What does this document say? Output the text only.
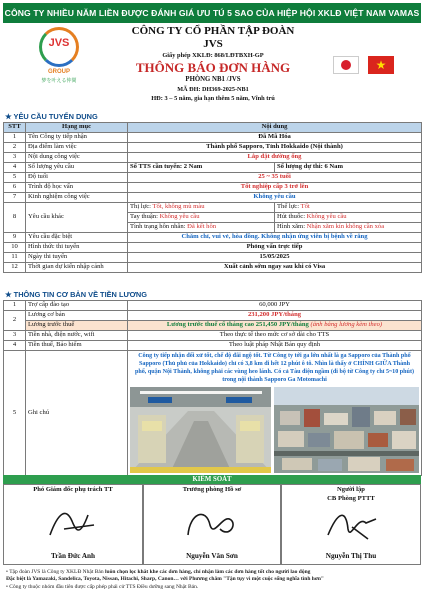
CÔNG TY NHIỀU NĂM LIỀN ĐƯỢC ĐÁNH GIÁ ƯU TÚ 5 SAO CỦA HIỆP HỘI XKLĐ VIỆT NAM VAMAS
JVS
GROUP
梦を叶える仲間
CÔNG TY CỔ PHẦN TẬP ĐOÀN JVS
Giấy phép XKLĐ: 868/LĐTBXH-GP
THÔNG BÁO ĐƠN HÀNG
PHÒNG NB1 /JVS
MÃ ĐH: DH369-2025-NB1
HĐ: 3 – 5 năm, gia hạn thêm 5 năm, Vĩnh trú
★
★ YÊU CẦU TUYỂN DỤNG
STT	Hạng mục	Nội dung	
1	Tên Công ty tiếp nhận	Đã Mã Hóa	
2	Địa điểm làm việc	Thành phố Sapporo, Tỉnh Hokkaido (Nội thành)	
3	Nội dung công việc	Lắp đặt đường ống	
4	Số lượng yêu cầu	Số TTS cần tuyển: 2 Nam	Số lượng dự thi: 6 Nam
5	Độ tuổi	25 ~ 35 tuổi	
6	Trình độ học vấn	Tốt nghiệp cấp 3 trở lên	
7	Kinh nghiệm công việc	Không yêu cầu	
8	Yêu cầu khác	Thị lực: Tốt, không mù màu	Thể lực: Tốt
		Tay thuận: Không yêu cầu	Hút thuốc: Không yêu cầu
		Tình trạng hôn nhân: Đã kết hôn	Hình xăm: Nhận xăm kín không cần xóa
9	Yêu cầu đặc biệt	Chăm chỉ, vui vẻ, hòa đồng. Không nhận ứng viên bị bệnh về răng	
10	Hình thức thi tuyển	Phỏng vấn trực tiếp	
11	Ngày thi tuyển	15/05/2025	
12	Thời gian dự kiến nhập cảnh	Xuất cảnh sớm ngay sau khi có Visa	
★ THÔNG TIN CƠ BẢN VỀ TIỀN LƯƠNG
1	Trợ cấp đào tạo	60,000 JPY
2	Lương cơ bản	231,200 JPY/tháng
	Lương trước thuế	Lương trước thuế cố tháng cao 251,450 JPY/tháng (ảnh bảng lương kèm theo)
3	Tiền nhà, điện nước, wifi	Theo thực tế theo mức cơ sở dài cho TTS
4	Tiền thuế, Bảo hiểm	Theo luật pháp Nhật Bản quy định
5	Ghi chú	Công ty tiếp nhận đối xử tốt, chế độ đãi ngộ tốt. Từ Công ty tới ga lớn nhất là ga Sapporo của Thành phố Sapporo (Thủ phủ của Hokkaido) chỉ có 3,8 km đi hết 12 phút ô tô. Nhìn là thấy ở CHÍNH GIỮA Thành phố, quận Nội Thành, không phải các vùng heo lánh. Có cả Tàu điện ngầm (đi bộ từ Công ty chỉ 5~10 phút) trong nội thành Sapporo Ga Motomachi
KIỂM SOÁT
Phó Giám đốc phụ trách TT
Trần Đức Anh
Trưởng phòng Hồ sơ
Nguyễn Văn Sơn
Người lập
CB Phòng PTTT
Nguyễn Thị Thu
• Tập đoàn JVS là Công ty XKLĐ Nhật Bản luôn chọn lọc khắt khe các đơn hàng, chỉ nhận làm các đơn hàng tốt cho người lao động
Đặc biệt là Yamazaki, Sandelica, Toyota, Nissan, Hitachi, Sharp, Canon… với Phương châm "Tận tụy vì một cuộc sống nghĩa tình hơn"
• Công ty thuộc nhóm đầu tiên được cấp phép phái cử TTS Điều dưỡng sang Nhật Bản.
